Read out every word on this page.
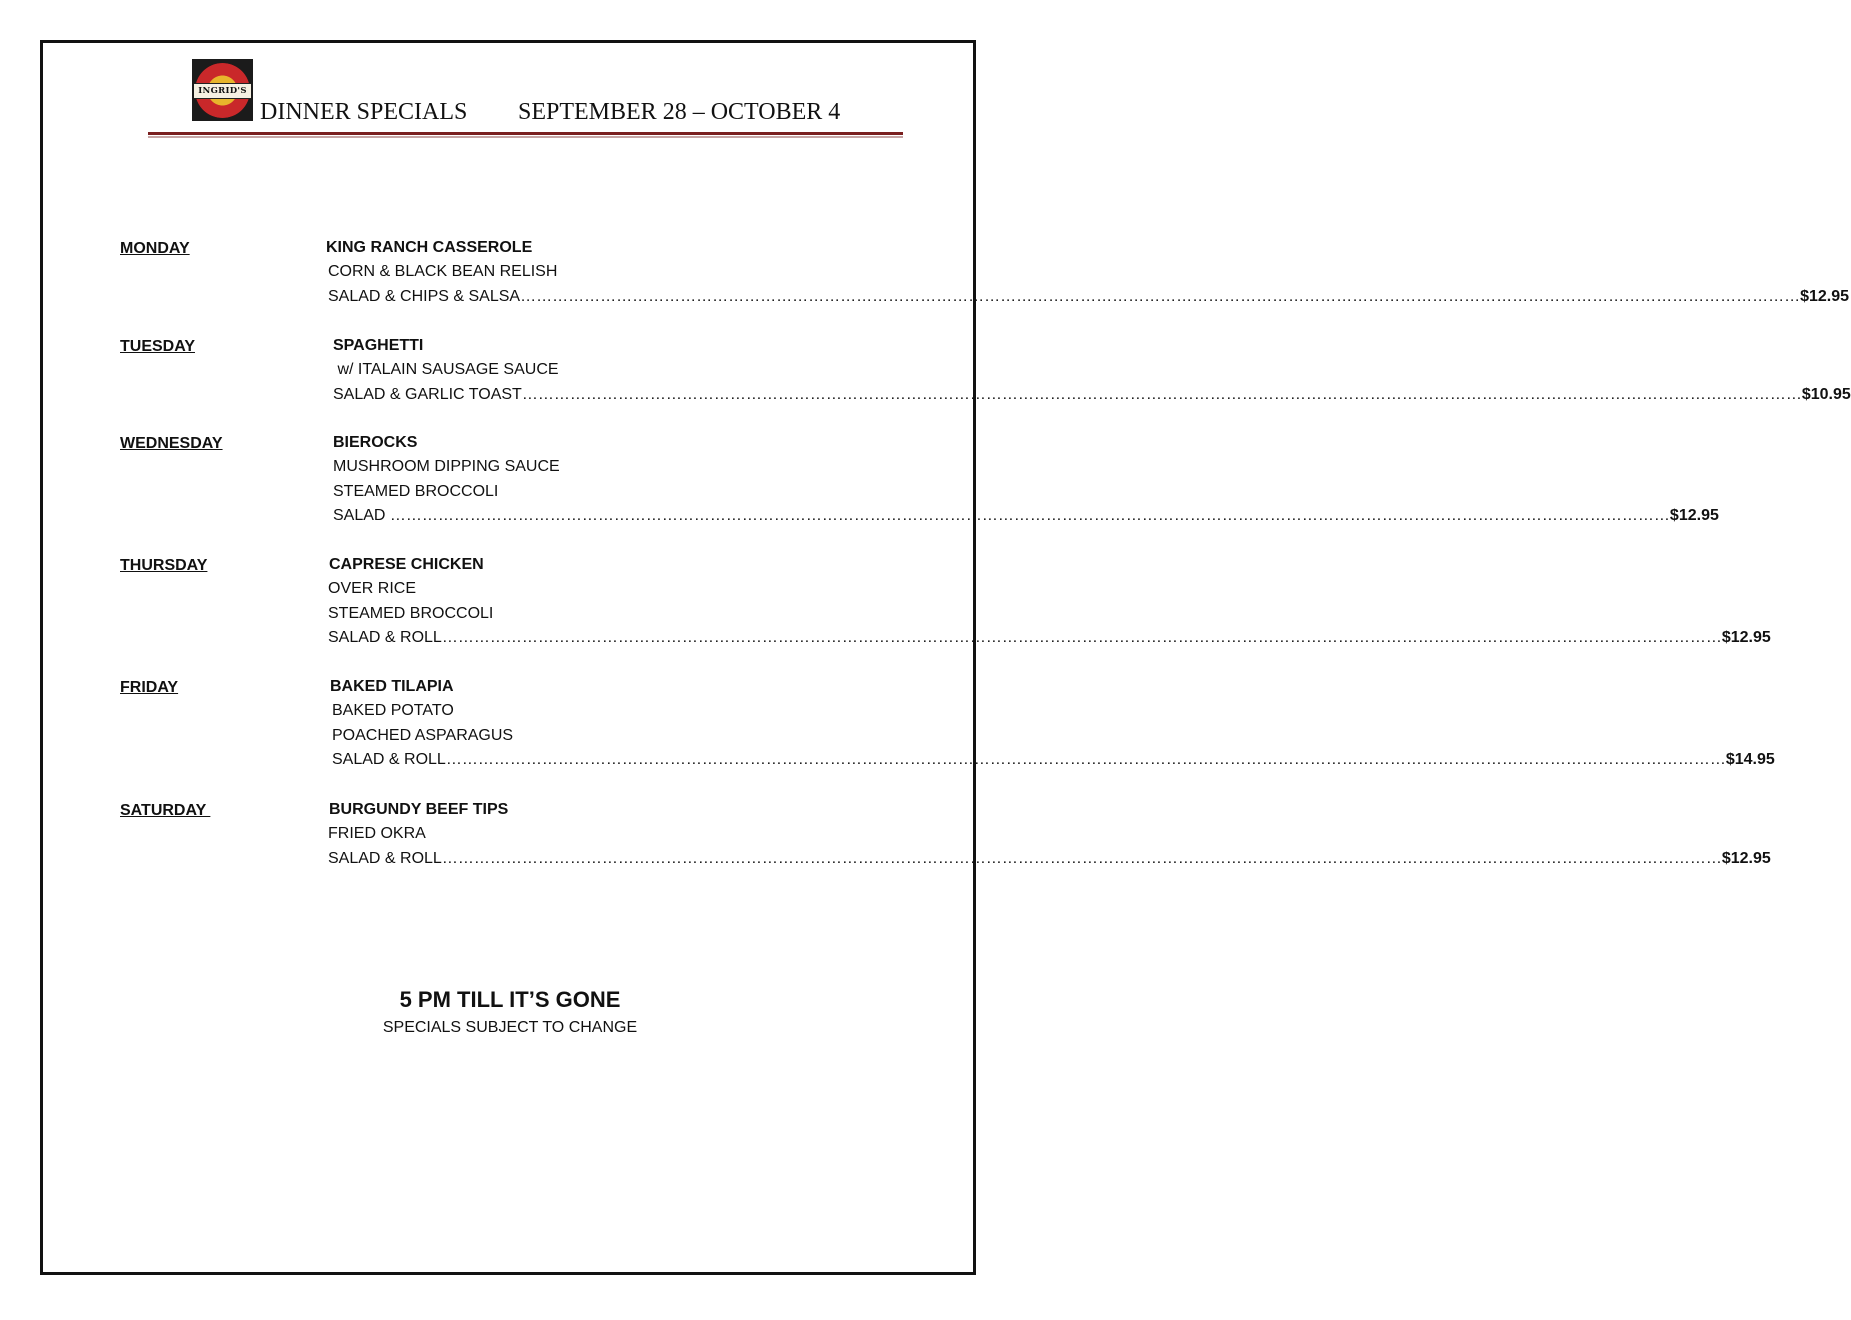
INGRID'S
DINNER SPECIALS SEPTEMBER 28 – OCTOBER 4
MONDAY	KING RANCH CASSEROLE
CORN & BLACK BEAN RELISH
SALAD & CHIPS & SALSA …………………………………………………………………………………………………………………………………………………………………………………………………………………… $12.95
TUESDAY	SPAGHETTI
w/ ITALAIN SAUSAGE SAUCE
SALAD & GARLIC TOAST …………………………………………………………………………………………………………………………………………………………………………………………………………………… $10.95
WEDNESDAY	BIEROCKS
MUSHROOM DIPPING SAUCE
STEAMED BROCCOLI
SALAD …………………………………………………………………………………………………………………………………………………………………………………………………………………… $12.95
THURSDAY	CAPRESE CHICKEN
OVER RICE
STEAMED BROCCOLI
SALAD & ROLL …………………………………………………………………………………………………………………………………………………………………………………………………………………… $12.95
FRIDAY	BAKED TILAPIA
BAKED POTATO
POACHED ASPARAGUS
SALAD & ROLL …………………………………………………………………………………………………………………………………………………………………………………………………………………… $14.95
SATURDAY	BURGUNDY BEEF TIPS
FRIED OKRA
SALAD & ROLL …………………………………………………………………………………………………………………………………………………………………………………………………………………… $12.95
5 PM TILL IT’S GONE
SPECIALS SUBJECT TO CHANGE
